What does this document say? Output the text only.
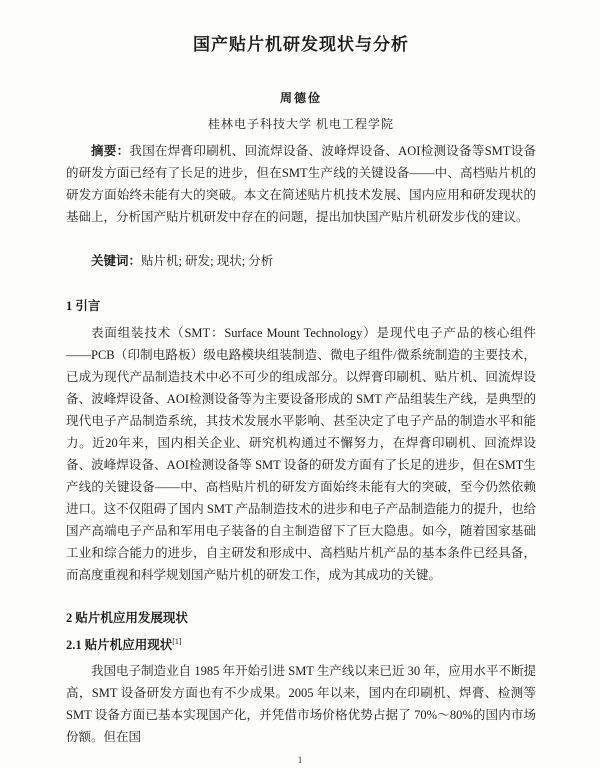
国产贴片机研发现状与分析
周德俭
桂林电子科技大学 机电工程学院

摘要：我国在焊膏印刷机、回流焊设备、波峰焊设备、AOI检测设备等SMT设备的研发方面已经有了长足的进步，但在SMT生产线的关键设备——中、高档贴片机的研发方面始终未能有大的突破。本文在简述贴片机技术发展、国内应用和研发现状的基础上，分析国产贴片机研发中存在的问题，提出加快国产贴片机研发步伐的建议。

关键词：贴片机; 研发; 现状; 分析

1 引言

表面组装技术（SMT：Surface Mount Technology）是现代电子产品的核心组件——PCB（印制电路板）级电路模块组装制造、微电子组件/微系统制造的主要技术，已成为现代产品制造技术中必不可少的组成部分。以焊膏印刷机、贴片机、回流焊设备、波峰焊设备、AOI检测设备等为主要设备形成的 SMT 产品组装生产线，是典型的现代电子产品制造系统，其技术发展水平影响、甚至决定了电子产品的制造水平和能力。近20年来，国内相关企业、研究机构通过不懈努力，在焊膏印刷机、回流焊设备、波峰焊设备、AOI检测设备等 SMT 设备的研发方面有了长足的进步，但在SMT生产线的关键设备——中、高档贴片机的研发方面始终未能有大的突破，至今仍然依赖进口。这不仅阻碍了国内 SMT 产品制造技术的进步和电子产品制造能力的提升，也给国产高端电子产品和军用电子装备的自主制造留下了巨大隐患。如今，随着国家基础工业和综合能力的进步，自主研发和形成中、高档贴片机产品的基本条件已经具备，而高度重视和科学规划国产贴片机的研发工作，成为其成功的关键。

2 贴片机应用发展现状
2.1 贴片机应用现状[1]

我国电子制造业自 1985 年开始引进 SMT 生产线以来已近 30 年，应用水平不断提高，SMT 设备研发方面也有不少成果。2005 年以来，国内在印刷机、焊膏、检测等 SMT 设备方面已基本实现国产化，并凭借市场价格优势占据了 70%～80%的国内市场份额。但在国

1
